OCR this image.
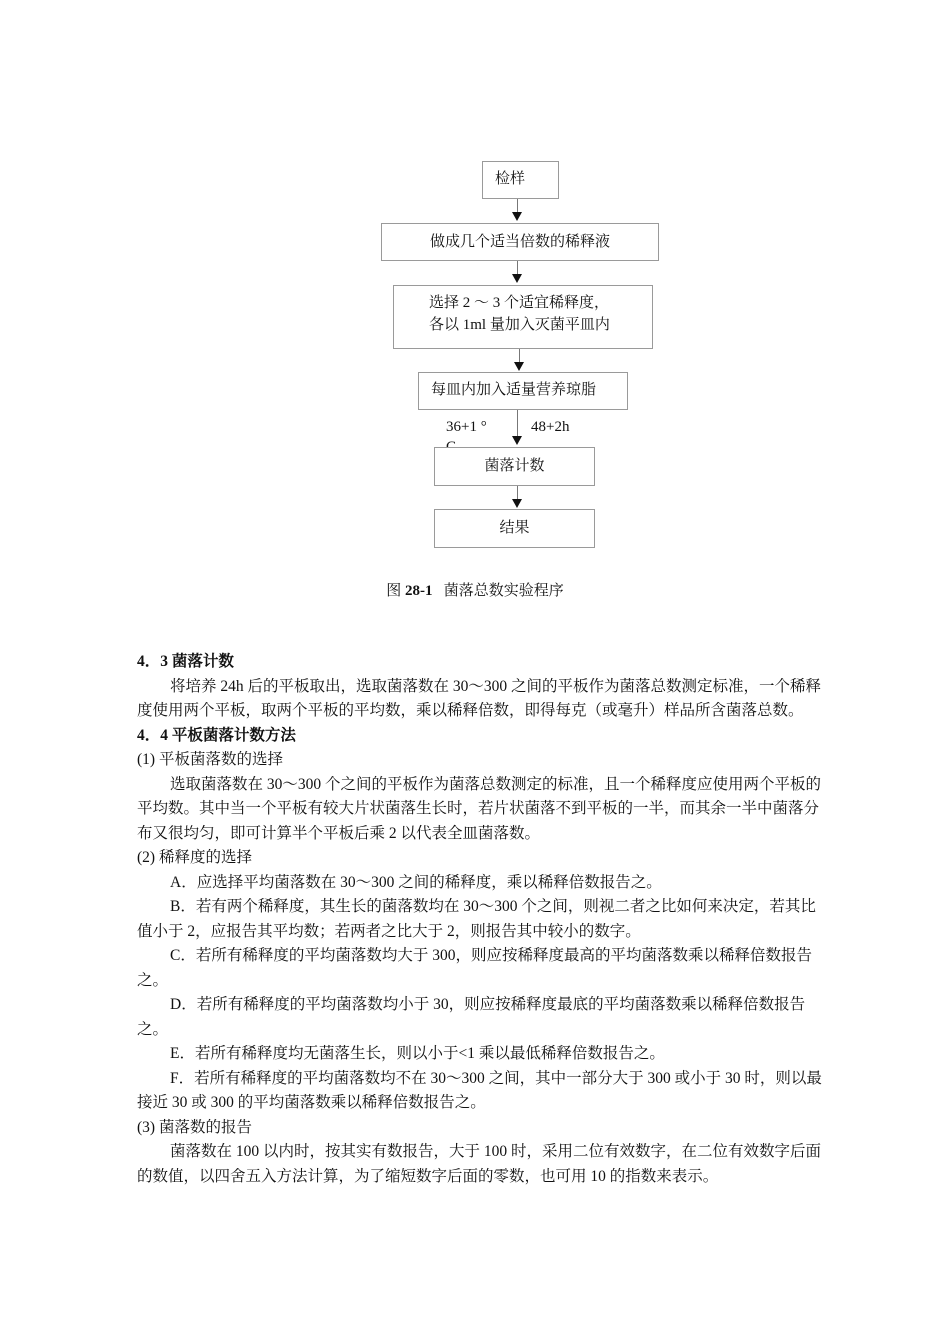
检样
做成几个适当倍数的稀释液
选择 2 ～ 3 个适宜稀释度，
各以 1ml 量加入灭菌平皿内
每皿内加入适量营养琼脂
36+1 °	48+2h
菌落计数
结果
图 28-1 菌落总数实验程序

4．3 菌落计数

将培养 24h 后的平板取出，选取菌落数在 30～300 之间的平板作为菌落总数测定标准，一个稀释度使用两个平板，取两个平板的平均数，乘以稀释倍数，即得每克（或毫升）样品所含菌落总数。

4．4 平板菌落计数方法

(1) 平板菌落数的选择

选取菌落数在 30～300 个之间的平板作为菌落总数测定的标准，且一个稀释度应使用两个平板的平均数。其中当一个平板有较大片状菌落生长时，若片状菌落不到平板的一半，而其余一半中菌落分布又很均匀，即可计算半个平板后乘 2 以代表全皿菌落数。

(2) 稀释度的选择

A．应选择平均菌落数在 30～300 之间的稀释度，乘以稀释倍数报告之。

B．若有两个稀释度，其生长的菌落数均在 30～300 个之间，则视二者之比如何来决定，若其比值小于 2，应报告其平均数；若两者之比大于 2，则报告其中较小的数字。

C．若所有稀释度的平均菌落数均大于 300，则应按稀释度最高的平均菌落数乘以稀释倍数报告之。

D．若所有稀释度的平均菌落数均小于 30，则应按稀释度最底的平均菌落数乘以稀释倍数报告之。

E．若所有稀释度均无菌落生长，则以小于<1 乘以最低稀释倍数报告之。

F．若所有稀释度的平均菌落数均不在 30～300 之间，其中一部分大于 300 或小于 30 时，则以最接近 30 或 300 的平均菌落数乘以稀释倍数报告之。

(3) 菌落数的报告

菌落数在 100 以内时，按其实有数报告，大于 100 时，采用二位有效数字，在二位有效数字后面的数值，以四舍五入方法计算，为了缩短数字后面的零数，也可用 10 的指数来表示。
